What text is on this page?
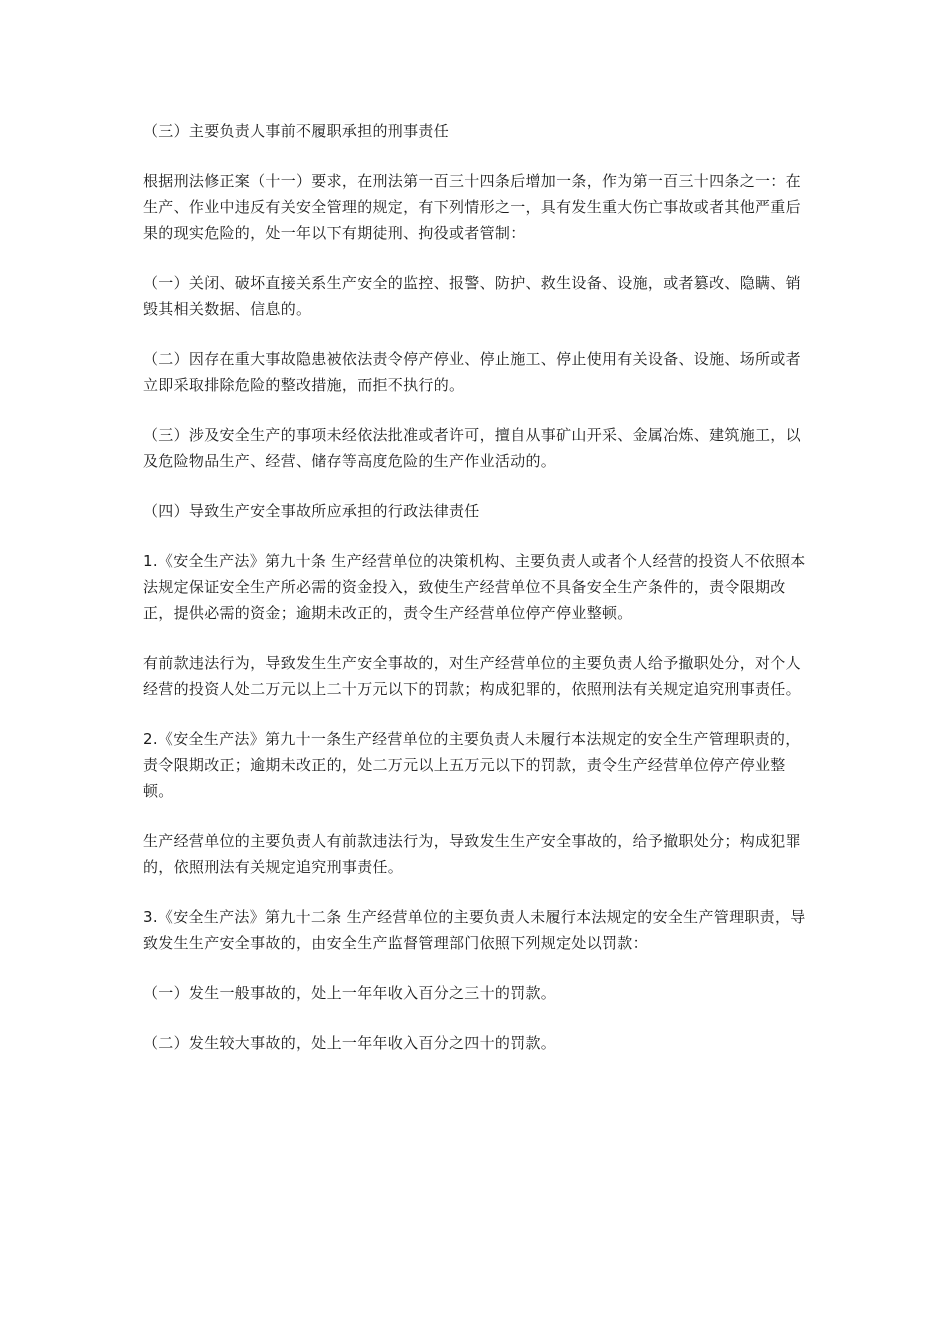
（三）主要负责人事前不履职承担的刑事责任

根据刑法修正案（十一）要求，在刑法第一百三十四条后增加一条，作为第一百三十四条之一：在生产、作业中违反有关安全管理的规定，有下列情形之一，具有发生重大伤亡事故或者其他严重后果的现实危险的，处一年以下有期徒刑、拘役或者管制：

（一）关闭、破坏直接关系生产安全的监控、报警、防护、救生设备、设施，或者篡改、隐瞒、销毁其相关数据、信息的。

（二）因存在重大事故隐患被依法责令停产停业、停止施工、停止使用有关设备、设施、场所或者立即采取排除危险的整改措施，而拒不执行的。

（三）涉及安全生产的事项未经依法批准或者许可，擅自从事矿山开采、金属冶炼、建筑施工，以及危险物品生产、经营、储存等高度危险的生产作业活动的。

（四）导致生产安全事故所应承担的行政法律责任

1.《安全生产法》第九十条 生产经营单位的决策机构、主要负责人或者个人经营的投资人不依照本法规定保证安全生产所必需的资金投入，致使生产经营单位不具备安全生产条件的，责令限期改正，提供必需的资金；逾期未改正的，责令生产经营单位停产停业整顿。

有前款违法行为，导致发生生产安全事故的，对生产经营单位的主要负责人给予撤职处分，对个人经营的投资人处二万元以上二十万元以下的罚款；构成犯罪的，依照刑法有关规定追究刑事责任。

2.《安全生产法》第九十一条生产经营单位的主要负责人未履行本法规定的安全生产管理职责的，责令限期改正；逾期未改正的，处二万元以上五万元以下的罚款，责令生产经营单位停产停业整顿。

生产经营单位的主要负责人有前款违法行为，导致发生生产安全事故的，给予撤职处分；构成犯罪的，依照刑法有关规定追究刑事责任。

3.《安全生产法》第九十二条 生产经营单位的主要负责人未履行本法规定的安全生产管理职责，导致发生生产安全事故的，由安全生产监督管理部门依照下列规定处以罚款：

（一）发生一般事故的，处上一年年收入百分之三十的罚款。

（二）发生较大事故的，处上一年年收入百分之四十的罚款。
